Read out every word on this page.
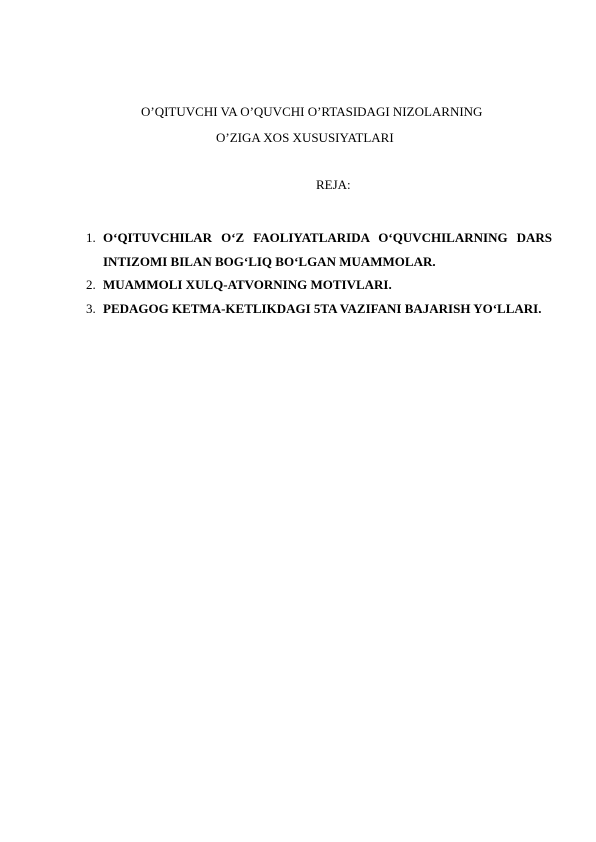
O’QITUVCHI VA O’QUVCHI O’RTASIDAGI NIZOLARNING
O’ZIGA XOS XUSUSIYATLARI
REJA:
1. O‘QITUVCHILAR O‘Z FAOLIYATLARIDA O‘QUVCHILARNING DARS INTIZOMI BILAN BOG‘LIQ BO‘LGAN MUAMMOLAR.
2. MUAMMOLI XULQ-ATVORNING MOTIVLARI.
3. PEDAGOG KETMA-KETLIKDAGI 5TA VAZIFANI BAJARISH YO‘LLARI.
